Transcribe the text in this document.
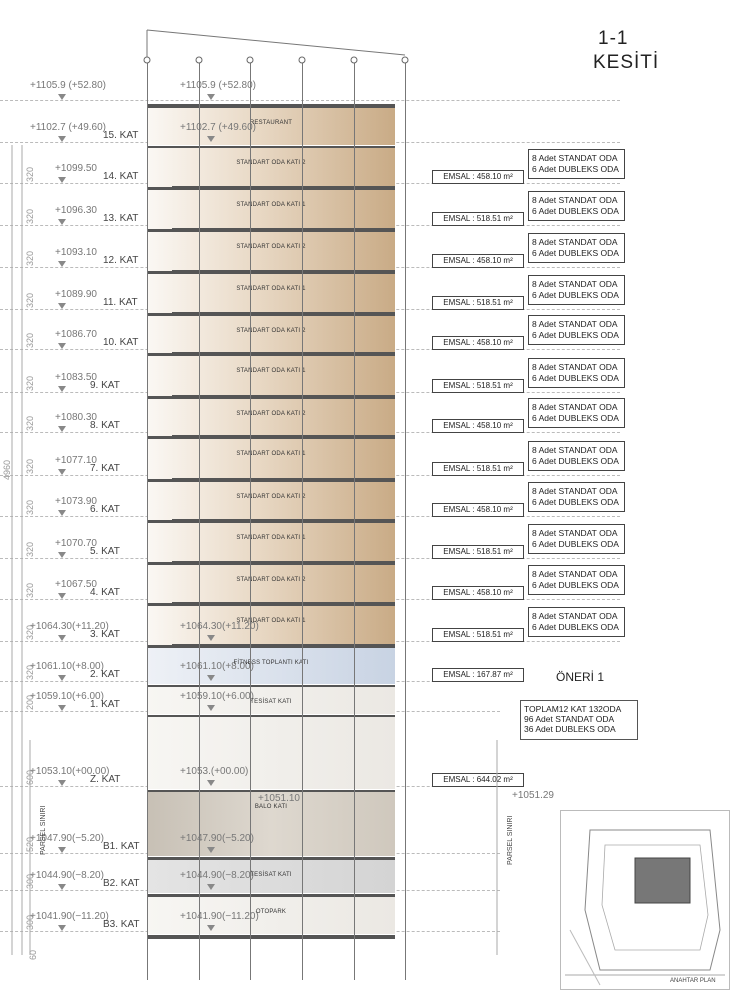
1-1
KESİTİ
+1105.9 (+52.80)	+1105.9 (+52.80)
+1102.7 (+49.60)	+1102.7 (+49.60)
15. KAT
RESTAURANT
+1099.50
14. KAT
320
STANDART ODA KATI 2
EMSAL : 458.10 m²
8 Adet STANDAT ODA
6 Adet DUBLEKS ODA
+1096.30
13. KAT
320
STANDART ODA KATI 1
EMSAL : 518.51 m²
8 Adet STANDAT ODA
6 Adet DUBLEKS ODA
+1093.10
12. KAT
320
STANDART ODA KATI 2
EMSAL : 458.10 m²
8 Adet STANDAT ODA
6 Adet DUBLEKS ODA
+1089.90
11. KAT
320
STANDART ODA KATI 1
EMSAL : 518.51 m²
8 Adet STANDAT ODA
6 Adet DUBLEKS ODA
+1086.70
10. KAT
320
STANDART ODA KATI 2
EMSAL : 458.10 m²
8 Adet STANDAT ODA
6 Adet DUBLEKS ODA
+1083.50
9. KAT
320
STANDART ODA KATI 1
EMSAL : 518.51 m²
8 Adet STANDAT ODA
6 Adet DUBLEKS ODA
+1080.30
8. KAT
320
STANDART ODA KATI 2
EMSAL : 458.10 m²
8 Adet STANDAT ODA
6 Adet DUBLEKS ODA
+1077.10
7. KAT
320
STANDART ODA KATI 1
EMSAL : 518.51 m²
8 Adet STANDAT ODA
6 Adet DUBLEKS ODA
+1073.90
6. KAT
320
STANDART ODA KATI 2
EMSAL : 458.10 m²
8 Adet STANDAT ODA
6 Adet DUBLEKS ODA
+1070.70
5. KAT
320
STANDART ODA KATI 1
EMSAL : 518.51 m²
8 Adet STANDAT ODA
6 Adet DUBLEKS ODA
+1067.50
4. KAT
320
STANDART ODA KATI 2
EMSAL : 458.10 m²
8 Adet STANDAT ODA
6 Adet DUBLEKS ODA
+1064.30(+11.20)	+1064.30(+11.20)
3. KAT
320
STANDART ODA KATI 1
EMSAL : 518.51 m²
8 Adet STANDAT ODA
6 Adet DUBLEKS ODA
+1061.10(+8.00)	+1061.10(+8.00)
2. KAT
320
FİTNESS TOPLANTI KATI
EMSAL : 167.87 m²
+1059.10(+6.00)	+1059.10(+6.00)
1. KAT
200	TESİSAT KATI
+1053.10(+00.00)	+1053.(+00.00)
Z. KAT
600	EMSAL : 644.02 m²
+1047.90(−5.20)	+1047.90(−5.20)
B1. KAT
520
BALO KATI
+1044.90(−8.20)	+1044.90(−8.20)
B2. KAT
300	TESİSAT KATI
+1041.90(−11.20)	+1041.90(−11.20)
B3. KAT
300
OTOPARK
4960
PARSEL SINIRI	PARSEL SINIRI
60
+1051.10	+1051.29
ÖNERİ 1
TOPLAM12 KAT 132ODA
96 Adet STANDAT ODA
36 Adet DUBLEKS ODA
ANAHTAR PLAN
